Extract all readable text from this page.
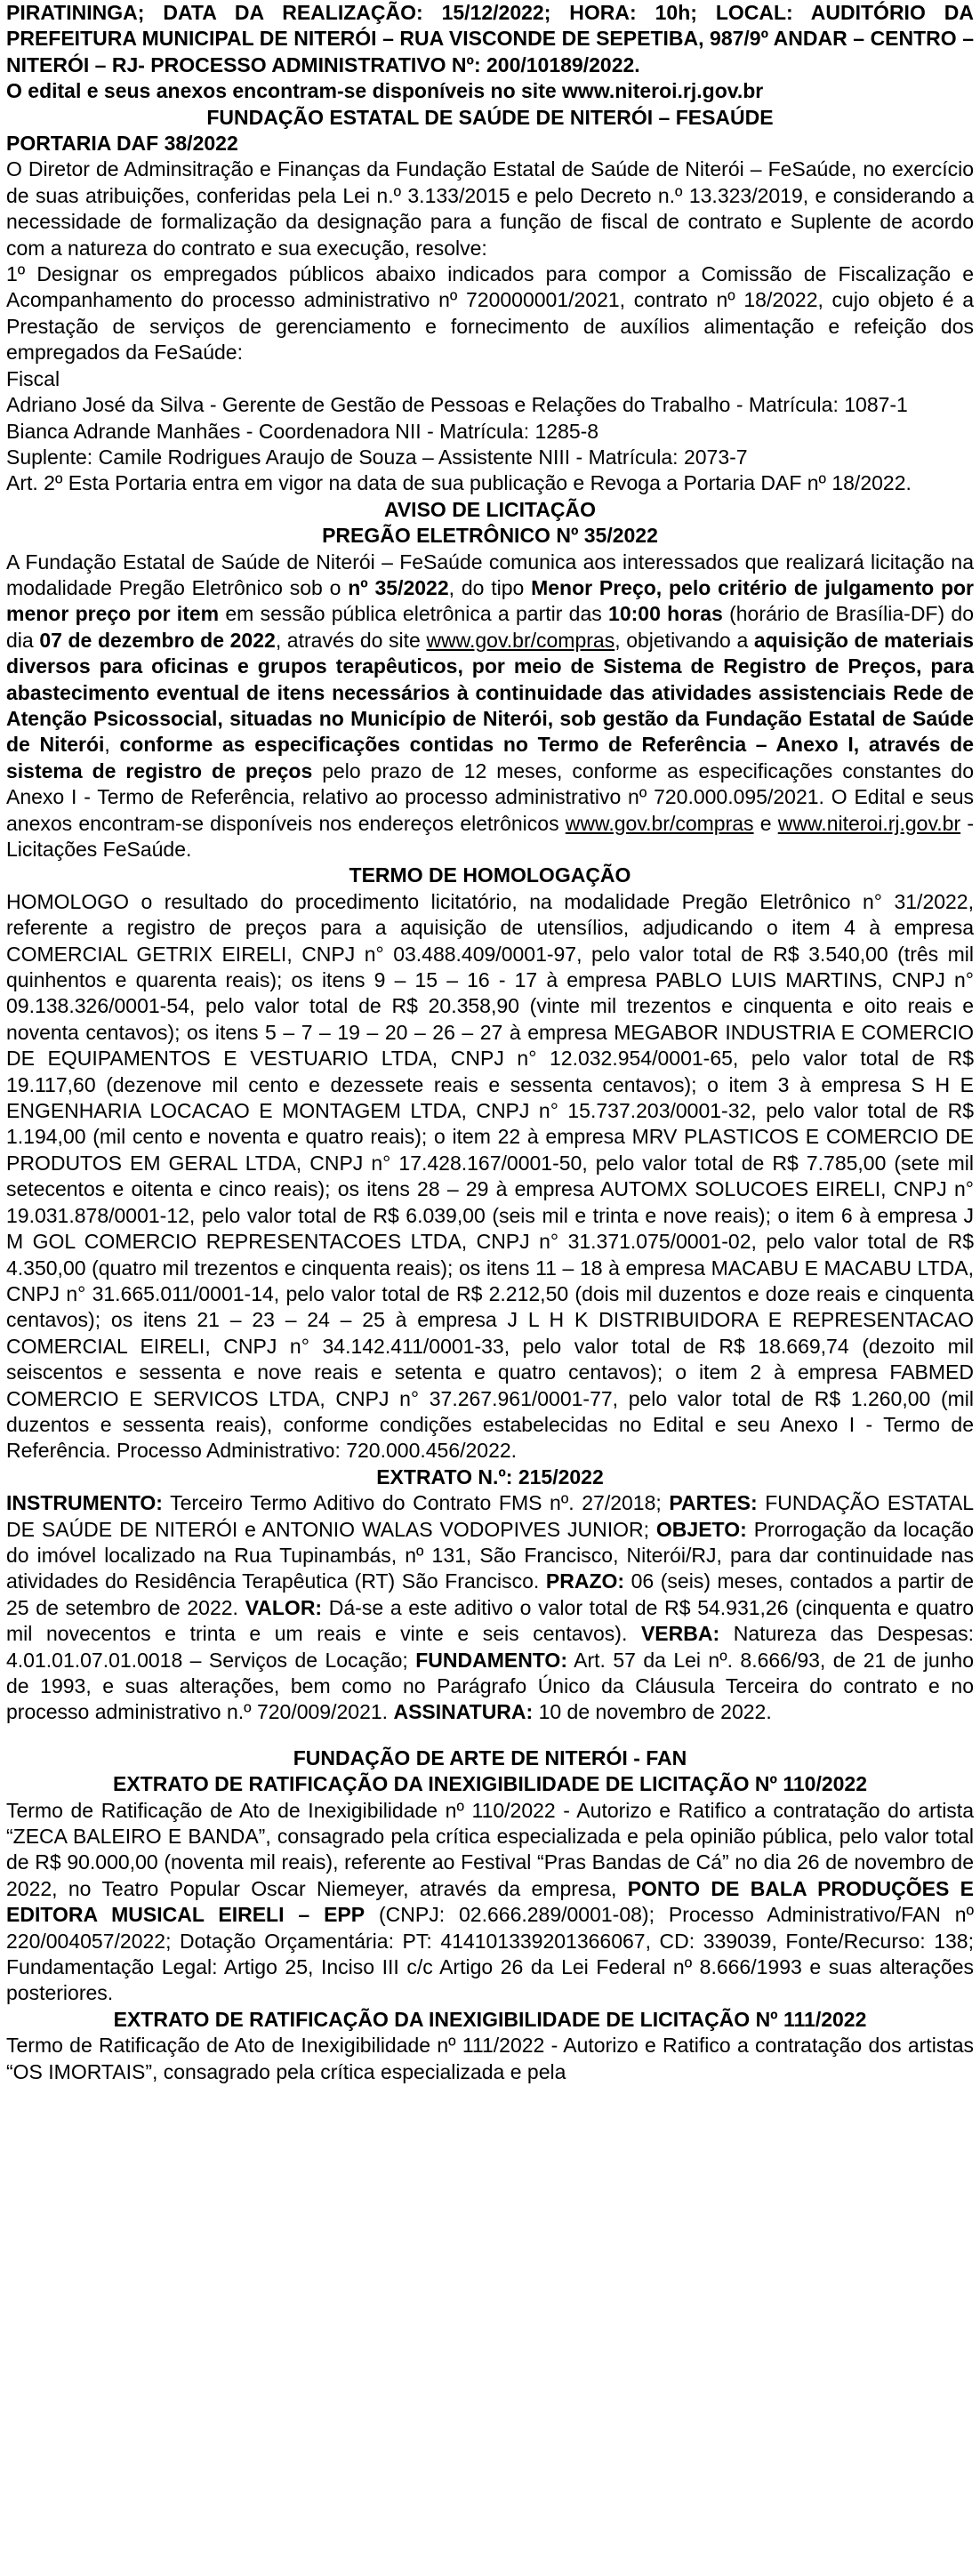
PIRATININGA; DATA DA REALIZAÇÃO: 15/12/2022; HORA: 10h; LOCAL: AUDITÓRIO DA PREFEITURA MUNICIPAL DE NITERÓI – RUA VISCONDE DE SEPETIBA, 987/9º ANDAR – CENTRO – NITERÓI – RJ- PROCESSO ADMINISTRATIVO Nº: 200/10189/2022.

O edital e seus anexos encontram-se disponíveis no site www.niteroi.rj.gov.br

FUNDAÇÃO ESTATAL DE SAÚDE DE NITERÓI – FESAÚDE

PORTARIA DAF 38/2022

O Diretor de Adminsitração e Finanças da Fundação Estatal de Saúde de Niterói – FeSaúde, no exercício de suas atribuições, conferidas pela Lei n.º 3.133/2015 e pelo Decreto n.º 13.323/2019, e considerando a necessidade de formalização da designação para a função de fiscal de contrato e Suplente de acordo com a natureza do contrato e sua execução, resolve:

1º Designar os empregados públicos abaixo indicados para compor a Comissão de Fiscalização e Acompanhamento do processo administrativo nº 720000001/2021, contrato nº 18/2022, cujo objeto é a Prestação de serviços de gerenciamento e fornecimento de auxílios alimentação e refeição dos empregados da FeSaúde:

Fiscal

Adriano José da Silva - Gerente de Gestão de Pessoas e Relações do Trabalho - Matrícula: 1087-1

Bianca Adrande Manhães - Coordenadora NII - Matrícula: 1285-8

Suplente: Camile Rodrigues Araujo de Souza – Assistente NIII - Matrícula: 2073-7

Art. 2º Esta Portaria entra em vigor na data de sua publicação e Revoga a Portaria DAF nº 18/2022.

AVISO DE LICITAÇÃO

PREGÃO ELETRÔNICO Nº 35/2022

A Fundação Estatal de Saúde de Niterói – FeSaúde comunica aos interessados que realizará licitação na modalidade Pregão Eletrônico sob o nº 35/2022, do tipo Menor Preço, pelo critério de julgamento por menor preço por item em sessão pública eletrônica a partir das 10:00 horas (horário de Brasília-DF) do dia 07 de dezembro de 2022, através do site www.gov.br/compras, objetivando a aquisição de materiais diversos para oficinas e grupos terapêuticos, por meio de Sistema de Registro de Preços, para abastecimento eventual de itens necessários à continuidade das atividades assistenciais Rede de Atenção Psicossocial, situadas no Município de Niterói, sob gestão da Fundação Estatal de Saúde de Niterói, conforme as especificações contidas no Termo de Referência – Anexo I, através de sistema de registro de preços pelo prazo de 12 meses, conforme as especificações constantes do Anexo I - Termo de Referência, relativo ao processo administrativo nº 720.000.095/2021. O Edital e seus anexos encontram-se disponíveis nos endereços eletrônicos www.gov.br/compras e www.niteroi.rj.gov.br - Licitações FeSaúde.

TERMO DE HOMOLOGAÇÃO

HOMOLOGO o resultado do procedimento licitatório, na modalidade Pregão Eletrônico n° 31/2022, referente a registro de preços para a aquisição de utensílios, adjudicando o item 4 à empresa COMERCIAL GETRIX EIRELI, CNPJ n° 03.488.409/0001-97, pelo valor total de R$ 3.540,00 (três mil quinhentos e quarenta reais); os itens 9 – 15 – 16 - 17 à empresa PABLO LUIS MARTINS, CNPJ n° 09.138.326/0001-54, pelo valor total de R$ 20.358,90 (vinte mil trezentos e cinquenta e oito reais e noventa centavos); os itens 5 – 7 – 19 – 20 – 26 – 27 à empresa MEGABOR INDUSTRIA E COMERCIO DE EQUIPAMENTOS E VESTUARIO LTDA, CNPJ n° 12.032.954/0001-65, pelo valor total de R$ 19.117,60 (dezenove mil cento e dezessete reais e sessenta centavos); o item 3 à empresa S H E ENGENHARIA LOCACAO E MONTAGEM LTDA, CNPJ n° 15.737.203/0001-32, pelo valor total de R$ 1.194,00 (mil cento e noventa e quatro reais); o item 22 à empresa MRV PLASTICOS E COMERCIO DE PRODUTOS EM GERAL LTDA, CNPJ n° 17.428.167/0001-50, pelo valor total de R$ 7.785,00 (sete mil setecentos e oitenta e cinco reais); os itens 28 – 29 à empresa AUTOMX SOLUCOES EIRELI, CNPJ n° 19.031.878/0001-12, pelo valor total de R$ 6.039,00 (seis mil e trinta e nove reais); o item 6 à empresa J M GOL COMERCIO REPRESENTACOES LTDA, CNPJ n° 31.371.075/0001-02, pelo valor total de R$ 4.350,00 (quatro mil trezentos e cinquenta reais); os itens 11 – 18 à empresa MACABU E MACABU LTDA, CNPJ n° 31.665.011/0001-14, pelo valor total de R$ 2.212,50 (dois mil duzentos e doze reais e cinquenta centavos); os itens 21 – 23 – 24 – 25 à empresa J L H K DISTRIBUIDORA E REPRESENTACAO COMERCIAL EIRELI, CNPJ n° 34.142.411/0001-33, pelo valor total de R$ 18.669,74 (dezoito mil seiscentos e sessenta e nove reais e setenta e quatro centavos); o item 2 à empresa FABMED COMERCIO E SERVICOS LTDA, CNPJ n° 37.267.961/0001-77, pelo valor total de R$ 1.260,00 (mil duzentos e sessenta reais), conforme condições estabelecidas no Edital e seu Anexo I - Termo de Referência. Processo Administrativo: 720.000.456/2022.

EXTRATO N.º: 215/2022

INSTRUMENTO: Terceiro Termo Aditivo do Contrato FMS nº. 27/2018; PARTES: FUNDAÇÃO ESTATAL DE SAÚDE DE NITERÓI e ANTONIO WALAS VODOPIVES JUNIOR; OBJETO: Prorrogação da locação do imóvel localizado na Rua Tupinambás, nº 131, São Francisco, Niterói/RJ, para dar continuidade nas atividades do Residência Terapêutica (RT) São Francisco. PRAZO: 06 (seis) meses, contados a partir de 25 de setembro de 2022. VALOR: Dá-se a este aditivo o valor total de R$ 54.931,26 (cinquenta e quatro mil novecentos e trinta e um reais e vinte e seis centavos). VERBA: Natureza das Despesas: 4.01.01.07.01.0018 – Serviços de Locação; FUNDAMENTO: Art. 57 da Lei nº. 8.666/93, de 21 de junho de 1993, e suas alterações, bem como no Parágrafo Único da Cláusula Terceira do contrato e no processo administrativo n.º 720/009/2021. ASSINATURA: 10 de novembro de 2022.

FUNDAÇÃO DE ARTE DE NITERÓI - FAN

EXTRATO DE RATIFICAÇÃO DA INEXIGIBILIDADE DE LICITAÇÃO Nº 110/2022

Termo de Ratificação de Ato de Inexigibilidade nº 110/2022 - Autorizo e Ratifico a contratação do artista “ZECA BALEIRO E BANDA”, consagrado pela crítica especializada e pela opinião pública, pelo valor total de R$ 90.000,00 (noventa mil reais), referente ao Festival “Pras Bandas de Cá” no dia 26 de novembro de 2022, no Teatro Popular Oscar Niemeyer, através da empresa, PONTO DE BALA PRODUÇÕES E EDITORA MUSICAL EIRELI – EPP (CNPJ: 02.666.289/0001-08); Processo Administrativo/FAN nº 220/004057/2022; Dotação Orçamentária: PT: 414101339201366067, CD: 339039, Fonte/Recurso: 138; Fundamentação Legal: Artigo 25, Inciso III c/c Artigo 26 da Lei Federal nº 8.666/1993 e suas alterações posteriores.

EXTRATO DE RATIFICAÇÃO DA INEXIGIBILIDADE DE LICITAÇÃO Nº 111/2022

Termo de Ratificação de Ato de Inexigibilidade nº 111/2022 - Autorizo e Ratifico a contratação dos artistas “OS IMORTAIS”, consagrado pela crítica especializada e pela
